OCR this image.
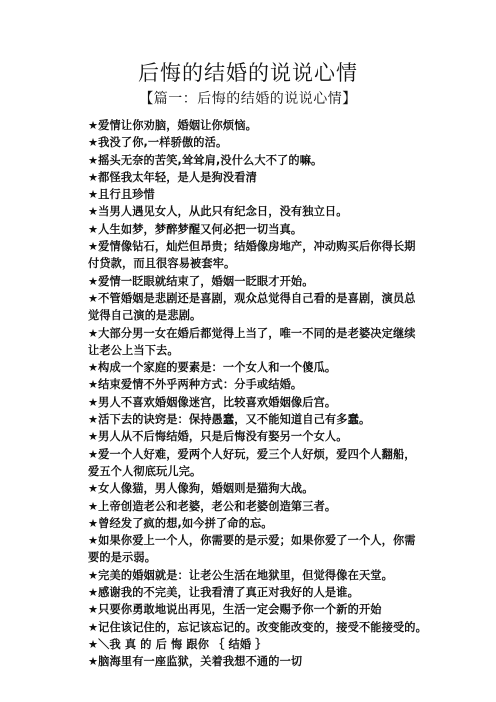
后悔的结婚的说说心情
【篇一：后悔的结婚的说说心情】
★爱情让你劝脑，婚姻让你烦恼。
★我没了你,一样骄傲的活。
★摇头无奈的苦笑,耸耸肩,没什么大不了的嘛。
★都怪我太年轻，是人是狗没看清
★且行且珍惜
★当男人遇见女人，从此只有纪念日，没有独立日。
★人生如梦，梦醉梦醒又何必把一切当真。
★爱情像钻石，灿烂但昂贵；结婚像房地产，冲动购买后你得长期
付贷款，而且很容易被套牢。
★爱情一眨眼就结束了，婚姻一眨眼才开始。
★不管婚姻是悲剧还是喜剧，观众总觉得自己看的是喜剧，演员总
觉得自己演的是悲剧。
★大部分男一女在婚后都觉得上当了，唯一不同的是老婆决定继续
让老公上当下去。
★构成一个家庭的要素是：一个女人和一个傻瓜。
★结束爱情不外乎两种方式：分手或结婚。
★男人不喜欢婚姻像迷宫，比较喜欢婚姻像后宫。
★活下去的诀窍是：保持愚蠢，又不能知道自己有多蠢。
★男人从不后悔结婚，只是后悔没有娶另一个女人。
★爱一个人好难，爱两个人好玩，爱三个人好烦，爱四个人翻船，
爱五个人彻底玩儿完。
★女人像猫，男人像狗，婚姻则是猫狗大战。
★上帝创造老公和老婆，老公和老婆创造第三者。
★曾经发了疯的想,如今拼了命的忘。
★如果你爱上一个人，你需要的是示爱；如果你爱了一个人，你需
要的是示弱。
★完美的婚姻就是：让老公生活在地狱里，但觉得像在天堂。
★感谢我的不完美，让我看清了真正对我好的人是谁。
★只要你勇敢地说出再见，生活一定会赐予你一个新的开始
★记住该记住的，忘记该忘记的。改变能改变的，接受不能接受的。
★＼我 真 的 后 悔 跟你 ｛ 结婚 ｝
★脑海里有一座监狱，关着我想不通的一切
